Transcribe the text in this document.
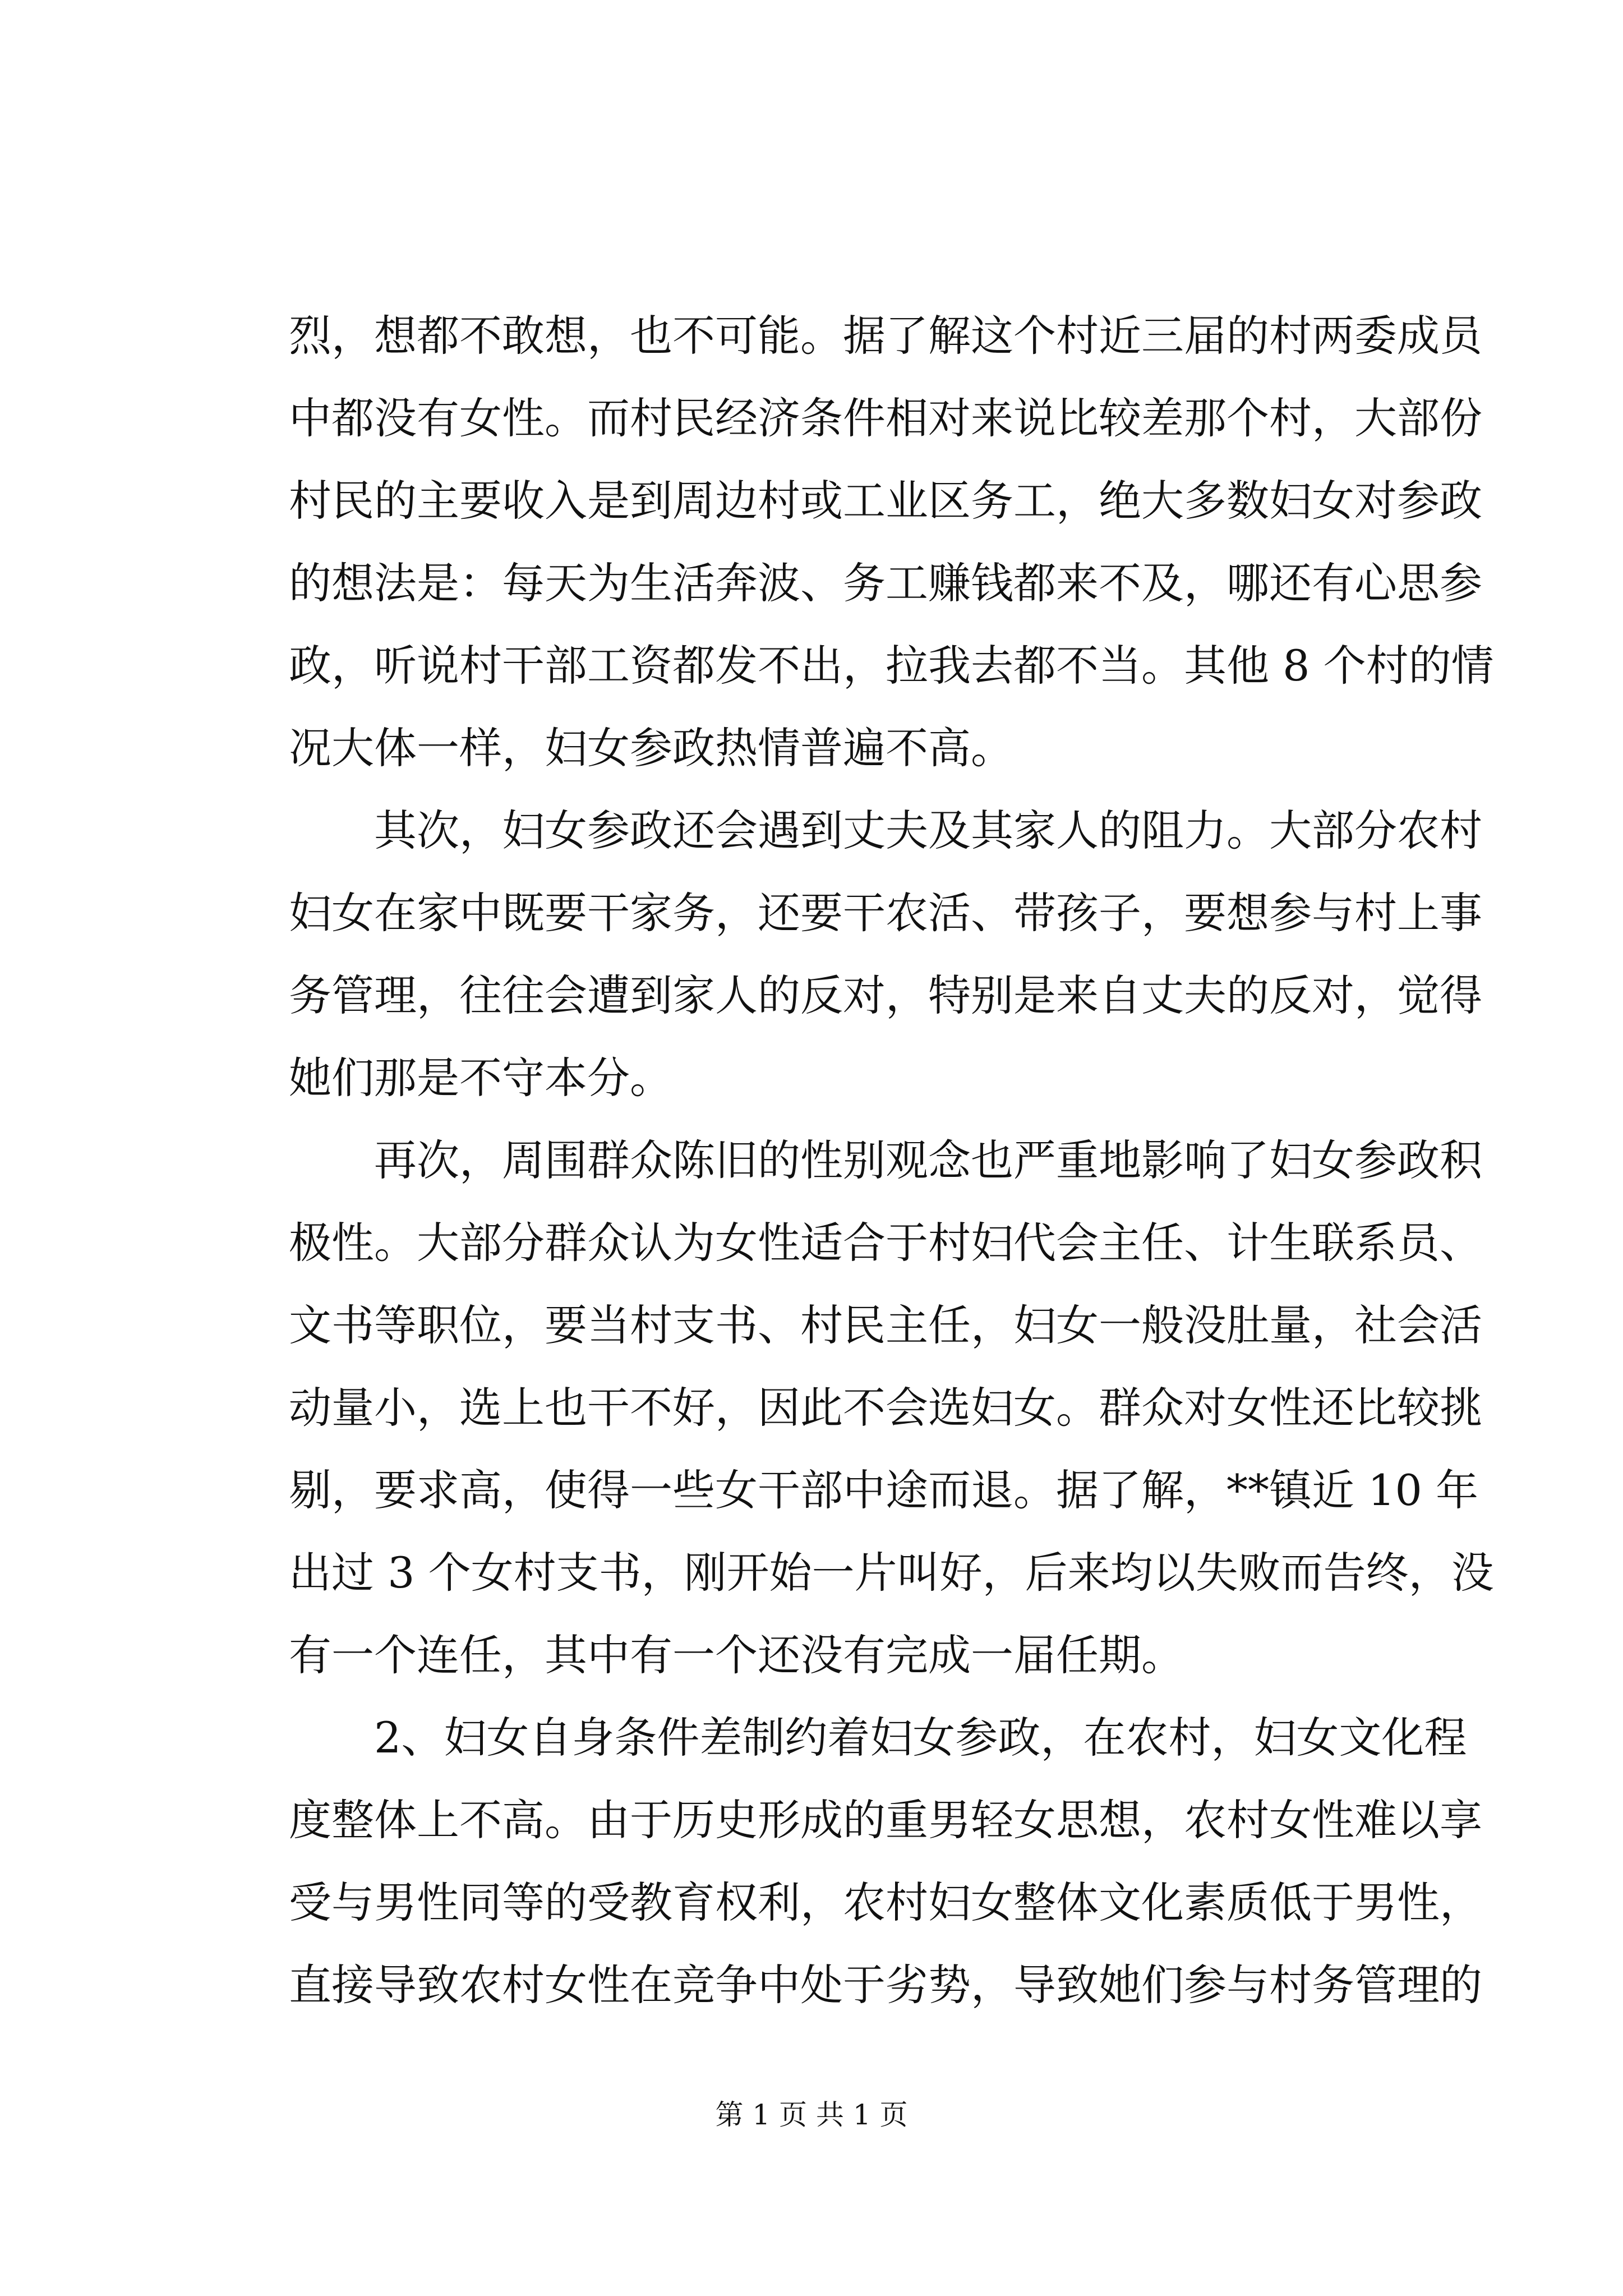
烈，想都不敢想，也不可能。据了解这个村近三届的村两委成员
中都没有女性。而村民经济条件相对来说比较差那个村，大部份
村民的主要收入是到周边村或工业区务工，绝大多数妇女对参政
的想法是：每天为生活奔波、务工赚钱都来不及，哪还有心思参
政，听说村干部工资都发不出，拉我去都不当。其他 8 个村的情
况大体一样，妇女参政热情普遍不高。
　　其次，妇女参政还会遇到丈夫及其家人的阻力。大部分农村
妇女在家中既要干家务，还要干农活、带孩子，要想参与村上事
务管理，往往会遭到家人的反对，特别是来自丈夫的反对，觉得
她们那是不守本分。
　　再次，周围群众陈旧的性别观念也严重地影响了妇女参政积
极性。大部分群众认为女性适合于村妇代会主任、计生联系员、
文书等职位，要当村支书、村民主任，妇女一般没肚量，社会活
动量小，选上也干不好，因此不会选妇女。群众对女性还比较挑
剔，要求高，使得一些女干部中途而退。据了解，**镇近 10 年
出过 3 个女村支书，刚开始一片叫好，后来均以失败而告终，没
有一个连任，其中有一个还没有完成一届任期。
　　2、妇女自身条件差制约着妇女参政，在农村，妇女文化程
度整体上不高。由于历史形成的重男轻女思想，农村女性难以享
受与男性同等的受教育权利，农村妇女整体文化素质低于男性，
直接导致农村女性在竞争中处于劣势，导致她们参与村务管理的
第 1 页 共 1 页
